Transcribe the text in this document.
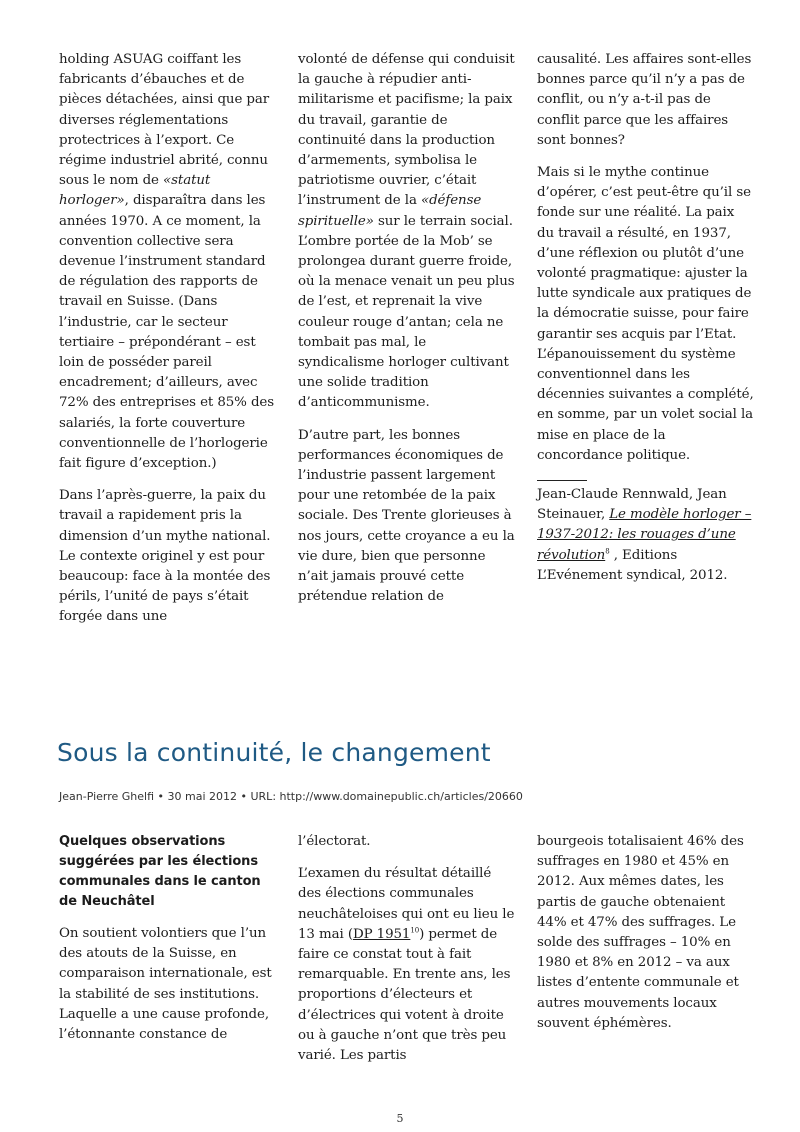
holding ASUAG coiffant les fabricants d’ébauches et de pièces détachées, ainsi que par diverses réglementations protectrices à l’export. Ce régime industriel abrité, connu sous le nom de «statut horloger», disparaîtra dans les années 1970. A ce moment, la convention collective sera devenue l’instrument standard de régulation des rapports de travail en Suisse. (Dans l’industrie, car le secteur tertiaire – prépondérant – est loin de posséder pareil encadrement; d’ailleurs, avec 72% des entreprises et 85% des salariés, la forte couverture conventionnelle de l’horlogerie fait figure d’exception.)

Dans l’après-guerre, la paix du travail a rapidement pris la dimension d’un mythe national. Le contexte originel y est pour beaucoup: face à la montée des périls, l’unité de pays s’était forgée dans une

volonté de défense qui conduisit la gauche à répudier anti-militarisme et pacifisme; la paix du travail, garantie de continuité dans la production d’armements, symbolisa le patriotisme ouvrier, c’était l’instrument de la «défense spirituelle» sur le terrain social. L’ombre portée de la Mob’ se prolongea durant guerre froide, où la menace venait un peu plus de l’est, et reprenait la vive couleur rouge d’antan; cela ne tombait pas mal, le syndicalisme horloger cultivant une solide tradition d’anticommunisme.

D’autre part, les bonnes performances économiques de l’industrie passent largement pour une retombée de la paix sociale. Des Trente glorieuses à nos jours, cette croyance a eu la vie dure, bien que personne n’ait jamais prouvé cette prétendue relation de

causalité. Les affaires sont-elles bonnes parce qu’il n’y a pas de conflit, ou n’y a-t-il pas de conflit parce que les affaires sont bonnes?

Mais si le mythe continue d’opérer, c’est peut-être qu’il se fonde sur une réalité. La paix du travail a résulté, en 1937, d’une réflexion ou plutôt d’une volonté pragmatique: ajuster la lutte syndicale aux pratiques de la démocratie suisse, pour faire garantir ses acquis par l’Etat. L’épanouissement du système conventionnel dans les décennies suivantes a complété, en somme, par un volet social la mise en place de la concordance politique.

Jean-Claude Rennwald, Jean Steinauer, Le modèle horloger – 1937-2012: les rouages d’une révolution$^8$ , Editions L’Evénement syndical, 2012.

Sous la continuité, le changement
Jean-Pierre Ghelfi • 30 mai 2012 • URL: http://www.domainepublic.ch/articles/20660

Quelques observations suggérées par les élections communales dans le canton de Neuchâtel

On soutient volontiers que l’un des atouts de la Suisse, en comparaison internationale, est la stabilité de ses institutions. Laquelle a une cause profonde, l’étonnante constance de

l’électorat.

L’examen du résultat détaillé des élections communales neuchâteloises qui ont eu lieu le 13 mai (DP 1951$^{10}$) permet de faire ce constat tout à fait remarquable. En trente ans, les proportions d’électeurs et d’électrices qui votent à droite ou à gauche n’ont que très peu varié. Les partis

bourgeois totalisaient 46% des suffrages en 1980 et 45% en 2012. Aux mêmes dates, les partis de gauche obtenaient 44% et 47% des suffrages. Le solde des suffrages – 10% en 1980 et 8% en 2012 – va aux listes d’entente communale et autres mouvements locaux souvent éphémères.

5
